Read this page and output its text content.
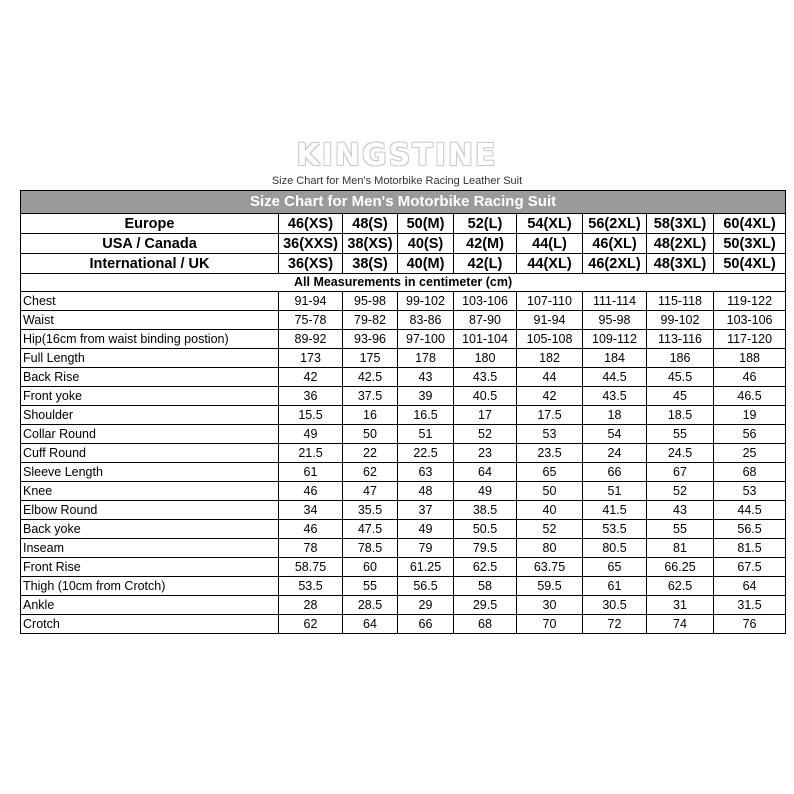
KINGSTINE
Size Chart for Men's Motorbike Racing Leather Suit
Size Chart for Men's Motorbike Racing Suit								
Europe	46(XS)	48(S)	50(M)	52(L)	54(XL)	56(2XL)	58(3XL)	60(4XL)
USA / Canada	36(XXS)	38(XS)	40(S)	42(M)	44(L)	46(XL)	48(2XL)	50(3XL)
International / UK	36(XS)	38(S)	40(M)	42(L)	44(XL)	46(2XL)	48(3XL)	50(4XL)
All Measurements in centimeter (cm)								
Chest	91-94	95-98	99-102	103-106	107-110	111-114	115-118	119-122
Waist	75-78	79-82	83-86	87-90	91-94	95-98	99-102	103-106
Hip(16cm from waist binding postion)	89-92	93-96	97-100	101-104	105-108	109-112	113-116	117-120
Full Length	173	175	178	180	182	184	186	188
Back Rise	42	42.5	43	43.5	44	44.5	45.5	46
Front yoke	36	37.5	39	40.5	42	43.5	45	46.5
Shoulder	15.5	16	16.5	17	17.5	18	18.5	19
Collar Round	49	50	51	52	53	54	55	56
Cuff Round	21.5	22	22.5	23	23.5	24	24.5	25
Sleeve Length	61	62	63	64	65	66	67	68
Knee	46	47	48	49	50	51	52	53
Elbow Round	34	35.5	37	38.5	40	41.5	43	44.5
Back yoke	46	47.5	49	50.5	52	53.5	55	56.5
Inseam	78	78.5	79	79.5	80	80.5	81	81.5
Front Rise	58.75	60	61.25	62.5	63.75	65	66.25	67.5
Thigh (10cm from Crotch)	53.5	55	56.5	58	59.5	61	62.5	64
Ankle	28	28.5	29	29.5	30	30.5	31	31.5
Crotch	62	64	66	68	70	72	74	76
